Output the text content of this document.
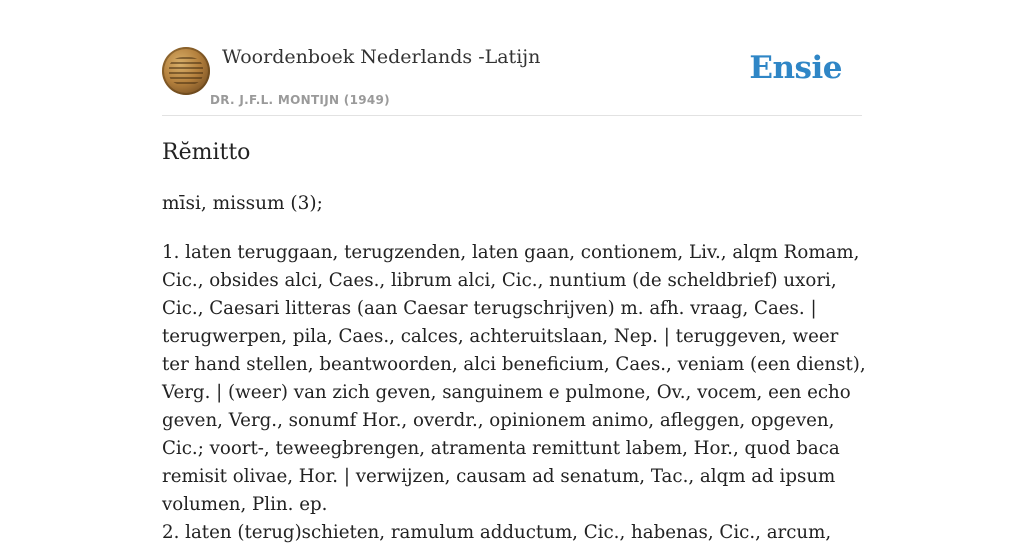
Woordenboek Nederlands -Latijn
DR. J.F.L. MONTIJN (1949)
Ensie
Rĕmitto
mīsi, missum (3);

1. laten teruggaan, terugzenden, laten gaan, contionem, Liv., alqm Romam, Cic., obsides alci, Caes., librum alci, Cic., nuntium (de scheldbrief) uxori, Cic., Caesari litteras (aan Caesar terugschrijven) m. afh. vraag, Caes. | terugwerpen, pila, Caes., calces, achteruitslaan, Nep. | teruggeven, weer ter hand stellen, beantwoorden, alci beneficium, Caes., veniam (een dienst), Verg. | (weer) van zich geven, sanguinem e pulmone, Ov., vocem, een echo geven, Verg., sonumf Hor., overdr., opinionem animo, afleggen, opgeven, Cic.; voort-, teweegbrengen, atramenta remittunt labem, Hor., quod baca remisit olivae, Hor. | verwijzen, causam ad senatum, Tac., alqm ad ipsum volumen, Plin. ep.

2. laten (terug)schieten, ramulum adductum, Cic., habenas, Cic., arcum,
